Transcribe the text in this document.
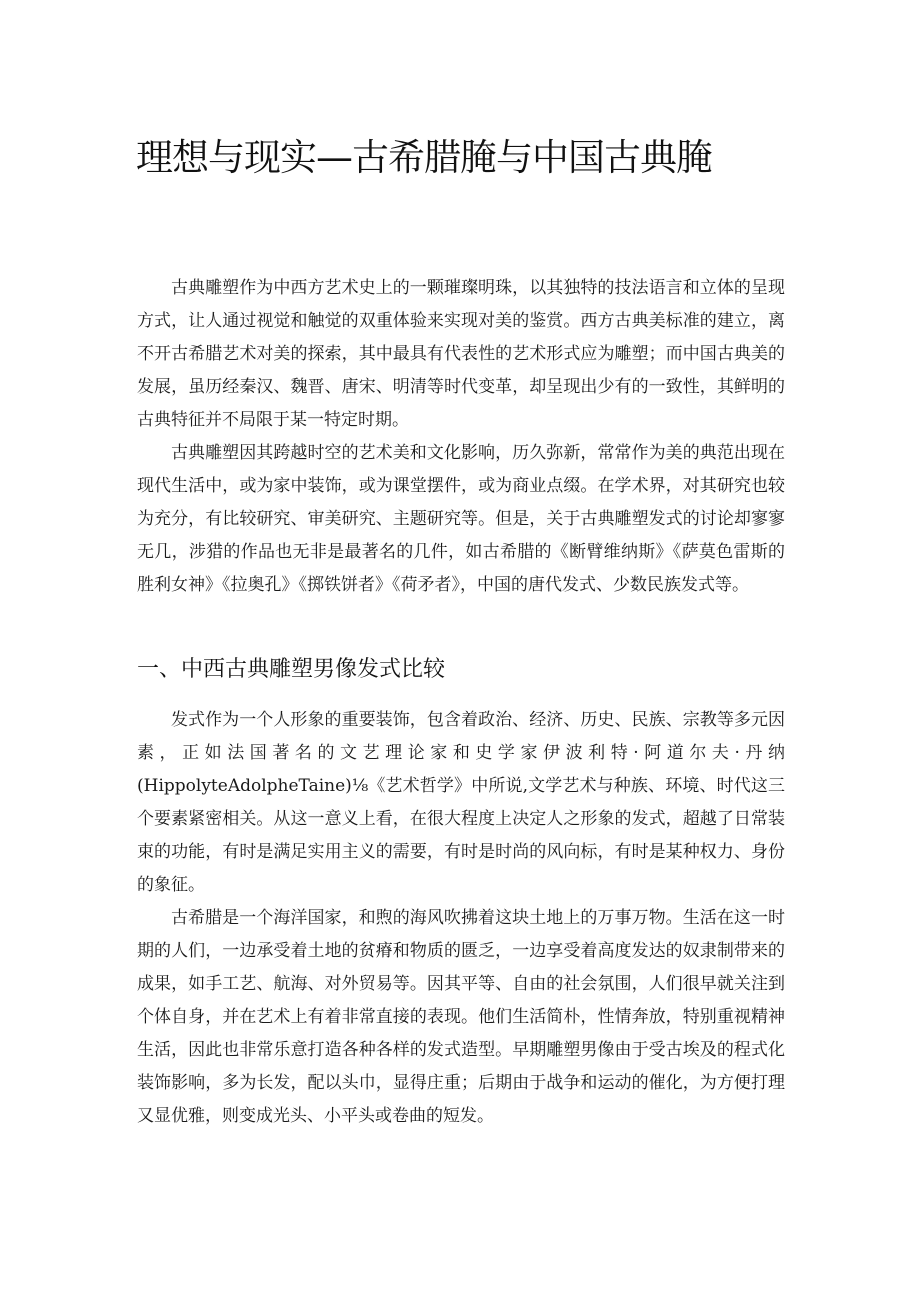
理想与现实—古希腊腌与中国古典腌

古典雕塑作为中西方艺术史上的一颗璀璨明珠，以其独特的技法语言和立体的呈现方式，让人通过视觉和触觉的双重体验来实现对美的鉴赏。西方古典美标准的建立，离不开古希腊艺术对美的探索，其中最具有代表性的艺术形式应为雕塑；而中国古典美的发展，虽历经秦汉、魏晋、唐宋、明清等时代变革，却呈现出少有的一致性，其鲜明的古典特征并不局限于某一特定时期。

古典雕塑因其跨越时空的艺术美和文化影响，历久弥新，常常作为美的典范出现在现代生活中，或为家中装饰，或为课堂摆件，或为商业点缀。在学术界，对其研究也较为充分，有比较研究、审美研究、主题研究等。但是，关于古典雕塑发式的讨论却寥寥无几，涉猎的作品也无非是最著名的几件，如古希腊的《断臂维纳斯》《萨莫色雷斯的胜利女神》《拉奥孔》《掷铁饼者》《荷矛者》，中国的唐代发式、少数民族发式等。

一、中西古典雕塑男像发式比较

发式作为一个人形象的重要装饰，包含着政治、经济、历史、民族、宗教等多元因素，正如法国著名的文艺理论家和史学家伊波利特·阿道尔夫·丹纳(HippolyteAdolpheTaine)⅛《艺术哲学》中所说,文学艺术与种族、环境、时代这三个要素紧密相关。从这一意义上看，在很大程度上决定人之形象的发式，超越了日常装束的功能，有时是满足实用主义的需要，有时是时尚的风向标，有时是某种权力、身份的象征。

古希腊是一个海洋国家，和煦的海风吹拂着这块土地上的万事万物。生活在这一时期的人们，一边承受着土地的贫瘠和物质的匮乏，一边享受着高度发达的奴隶制带来的成果，如手工艺、航海、对外贸易等。因其平等、自由的社会氛围，人们很早就关注到个体自身，并在艺术上有着非常直接的表现。他们生活简朴，性情奔放，特别重视精神生活，因此也非常乐意打造各种各样的发式造型。早期雕塑男像由于受古埃及的程式化装饰影响，多为长发，配以头巾，显得庄重；后期由于战争和运动的催化，为方便打理又显优雅，则变成光头、小平头或卷曲的短发。
